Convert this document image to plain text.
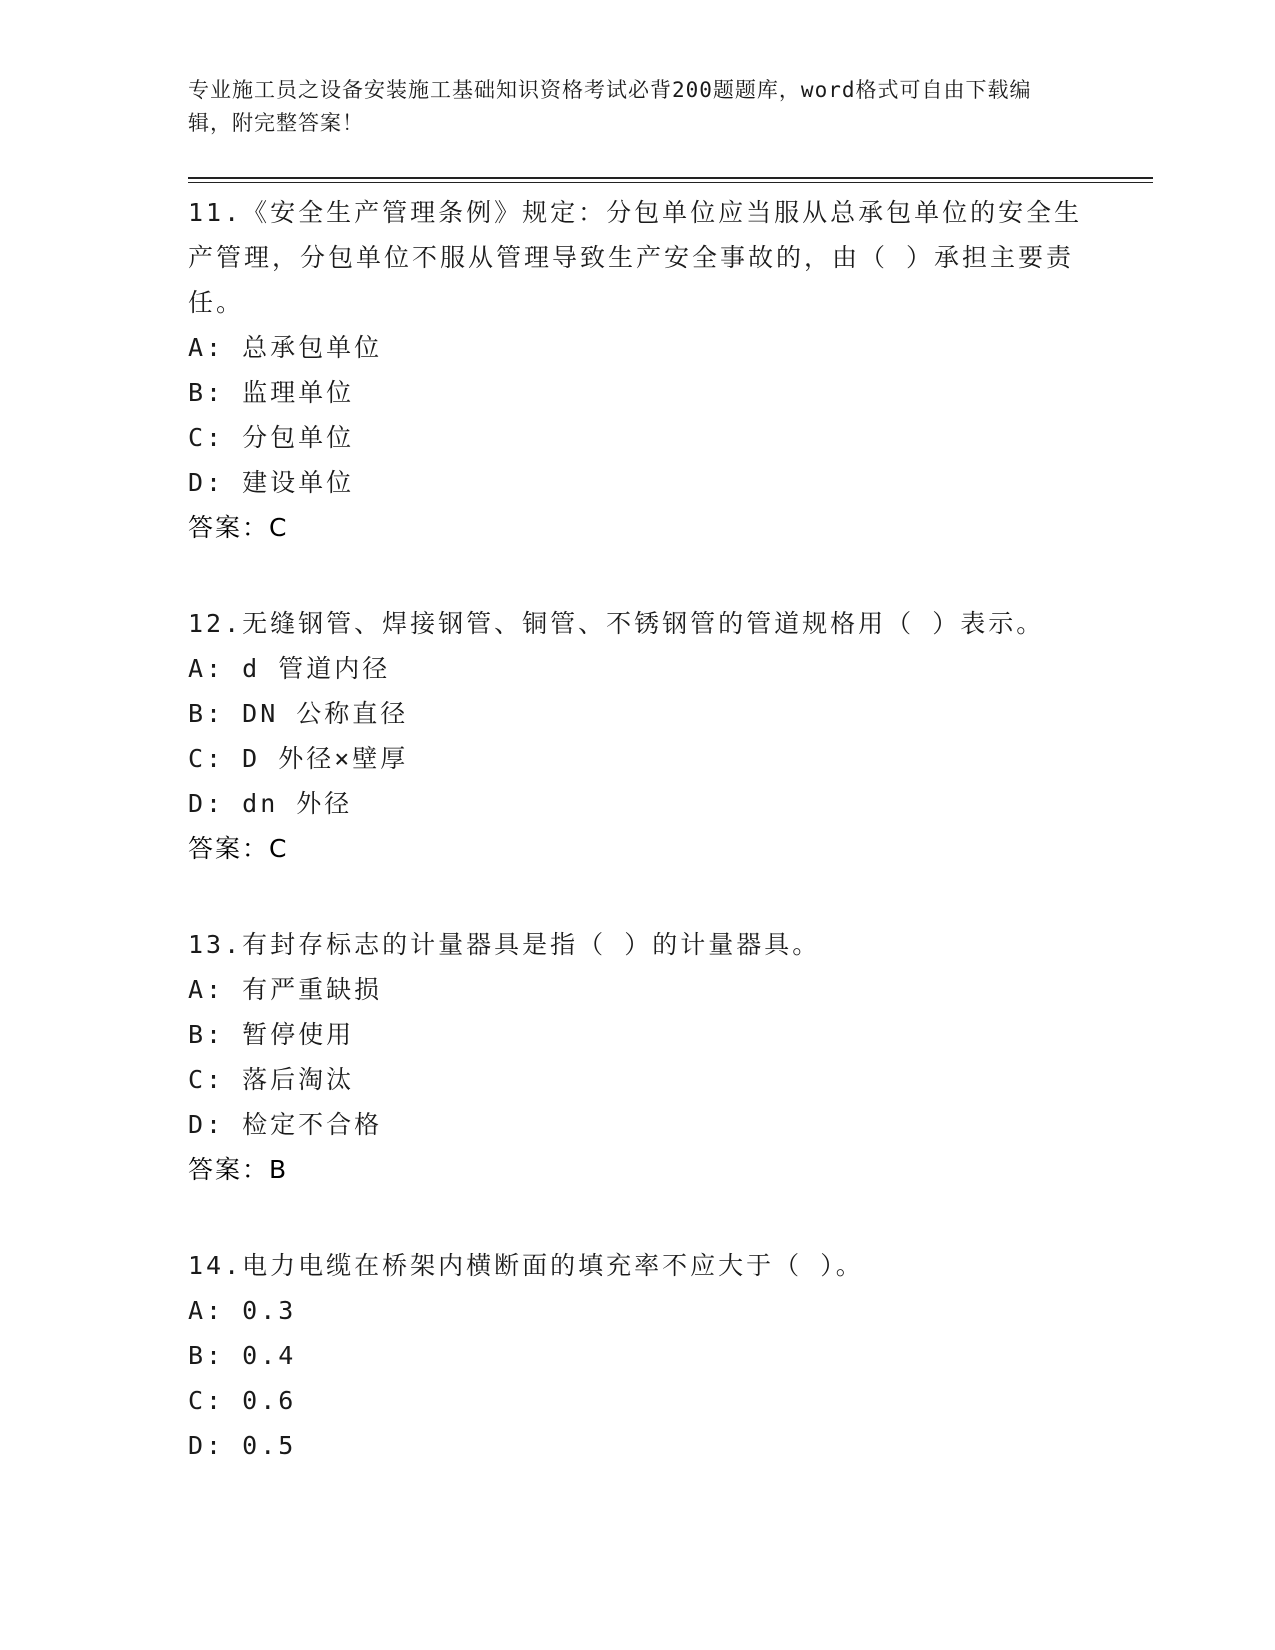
专业施工员之设备安装施工基础知识资格考试必背200题题库，word格式可自由下载编辑，附完整答案！

11.《安全生产管理条例》规定：分包单位应当服从总承包单位的安全生产管理，分包单位不服从管理导致生产安全事故的，由（ ）承担主要责任。

A: 总承包单位

B: 监理单位

C: 分包单位

D: 建设单位

答案：C

12.无缝钢管、焊接钢管、铜管、不锈钢管的管道规格用（ ）表示。

A: d 管道内径

B: DN 公称直径

C: D 外径×壁厚

D: dn 外径

答案：C

13.有封存标志的计量器具是指（ ）的计量器具。

A: 有严重缺损

B: 暂停使用

C: 落后淘汰

D: 检定不合格

答案：B

14.电力电缆在桥架内横断面的填充率不应大于（ ）。

A: 0.3

B: 0.4

C: 0.6

D: 0.5
